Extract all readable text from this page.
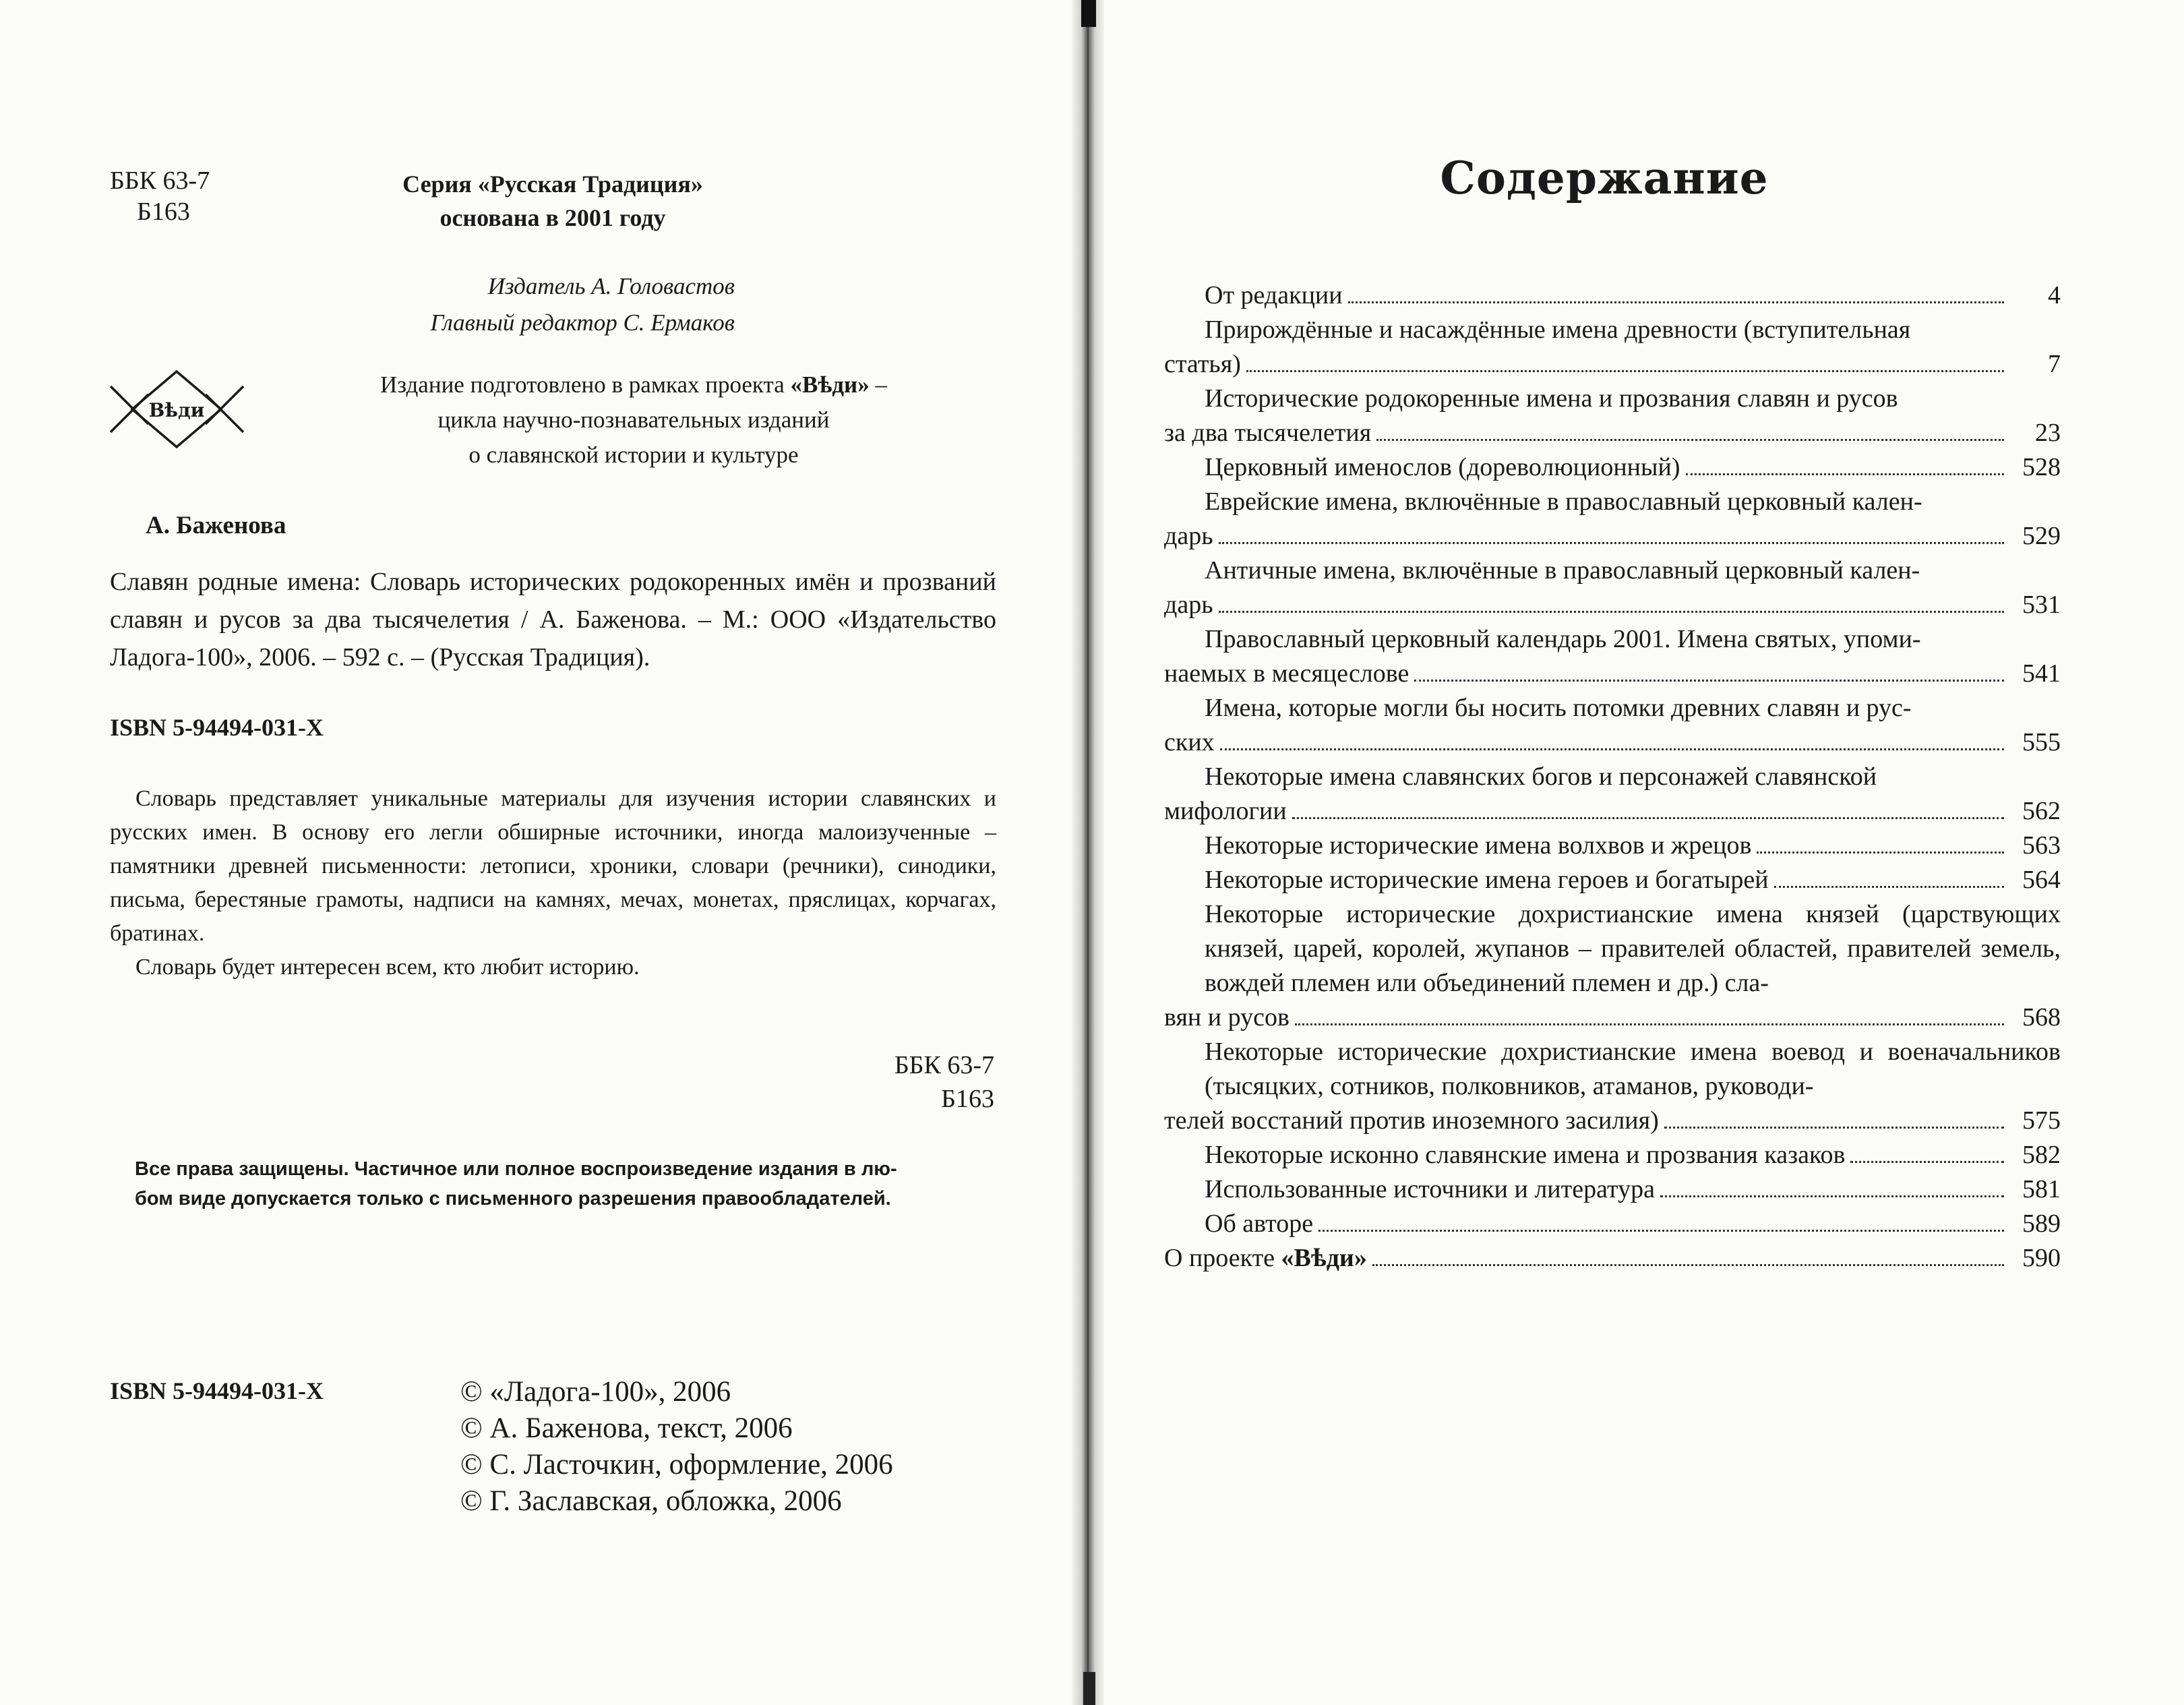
ББК 63-7
Б163
Серия «Русская Традиция»
основана в 2001 году
Издатель А. Головастов
Главный редактор С. Ермаков
Вѣди
Издание подготовлено в рамках проекта «Вѣди» –
цикла научно-познавательных изданий
о славянской истории и культуре
А. Баженова
Славян родные имена: Словарь исторических родокоренных имён и прозваний славян и русов за два тысячелетия / А. Баженова. – М.: ООО «Издательство Ладога-100», 2006. – 592 с. – (Русская Традиция).
ISBN 5-94494-031-X

Словарь представляет уникальные материалы для изучения истории славянских и русских имен. В основу его легли обширные источники, иногда малоизученные – памятники древней письменности: летописи, хроники, словари (речники), синодики, письма, берестяные грамоты, надписи на камнях, мечах, монетах, пряслицах, корчагах, братинах.

Словарь будет интересен всем, кто любит историю.

ББК 63-7
Б163
Все права защищены. Частичное или полное воспроизведение издания в лю-
бом виде допускается только с письменного разрешения правообладателей.
ISBN 5-94494-031-X	© «Ладога-100», 2006
© А. Баженова, текст, 2006
© С. Ласточкин, оформление, 2006
© Г. Заславская, обложка, 2006
Содержание
От редакции	4
Прирождённые и насаждённые имена древности (вступительная
статья)	7
Исторические родокоренные имена и прозвания славян и русов
за два тысячелетия	23
Церковный именослов (дореволюционный)	528
Еврейские имена, включённые в православный церковный кален-
дарь	529
Античные имена, включённые в православный церковный кален-
дарь	531
Православный церковный календарь 2001. Имена святых, упоми-
наемых в месяцеслове	541
Имена, которые могли бы носить потомки древних славян и рус-
ских	555
Некоторые имена славянских богов и персонажей славянской
мифологии	562
Некоторые исторические имена волхвов и жрецов	563
Некоторые исторические имена героев и богатырей	564
Некоторые исторические дохристианские имена князей (царствующих князей, царей, королей, жупанов – правителей областей, правителей земель, вождей племен или объединений племен и др.) сла-
вян и русов	568
Некоторые исторические дохристианские имена воевод и военачальников (тысяцких, сотников, полковников, атаманов, руководи-
телей восстаний против иноземного засилия)	575
Некоторые исконно славянские имена и прозвания казаков	582
Использованные источники и литература	581
Об авторе	589
О проекте «Вѣди»	590
